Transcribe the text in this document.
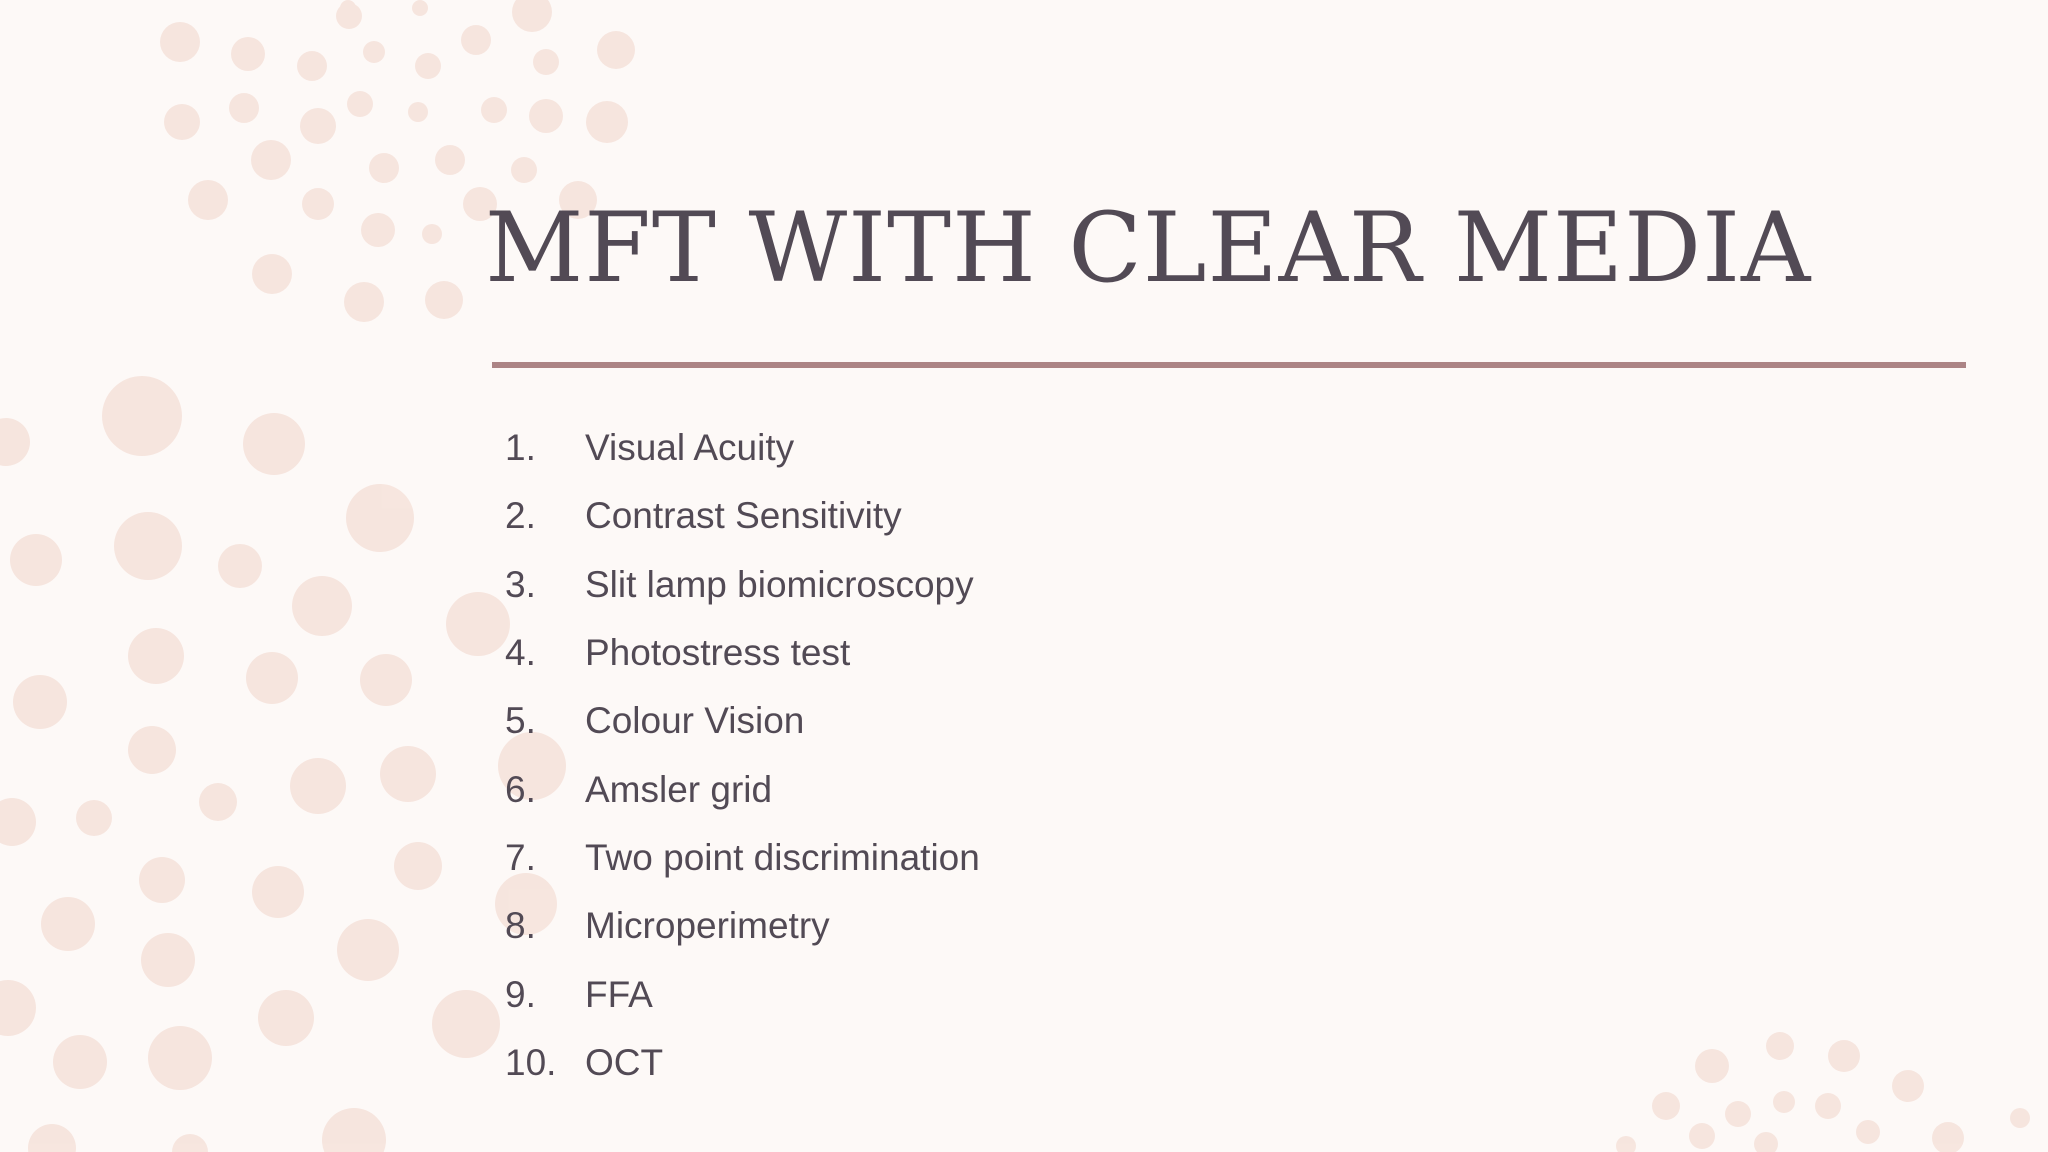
MFT WITH CLEAR MEDIA
1.	Visual Acuity
2.	Contrast Sensitivity
3.	Slit lamp biomicroscopy
4.	Photostress test
5.	Colour Vision
6.	Amsler grid
7.	Two point discrimination
8.	Microperimetry
9.	FFA
10. OCT
